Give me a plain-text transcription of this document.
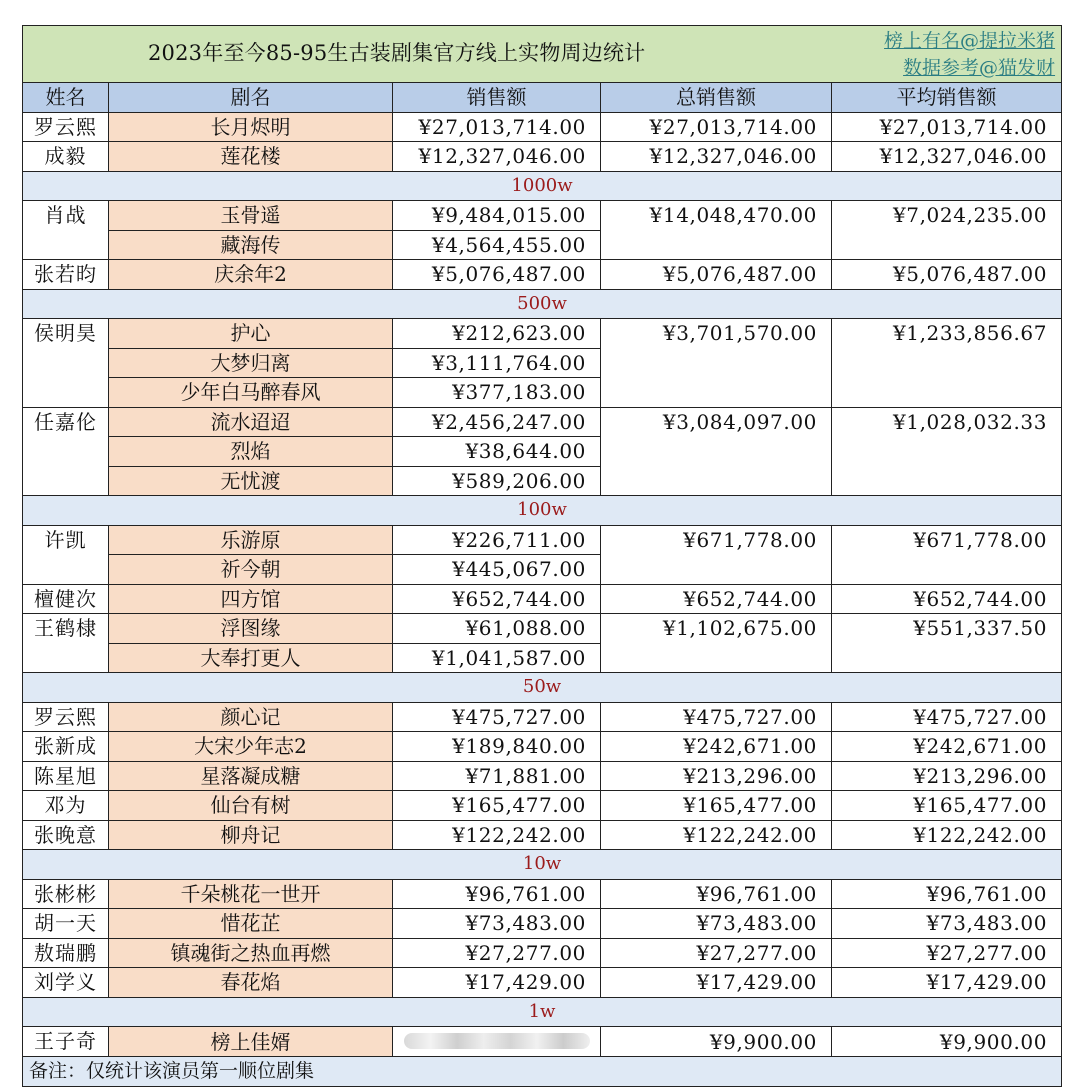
2023年至今85-95生古装剧集官方线上实物周边统计 榜上有名@提拉米猪
数据参考@猫发财				

姓名	剧名	销售额	总销售额	平均销售额
罗云熙	长月烬明	¥27,013,714.00	¥27,013,714.00	¥27,013,714.00
成毅	莲花楼	¥12,327,046.00	¥12,327,046.00	¥12,327,046.00
1000w				
肖战	玉骨遥	¥9,484,015.00	¥14,048,470.00	¥7,024,235.00
	藏海传	¥4,564,455.00		
张若昀	庆余年2	¥5,076,487.00	¥5,076,487.00	¥5,076,487.00
500w				
侯明昊	护心	¥212,623.00	¥3,701,570.00	¥1,233,856.67
	大梦归离	¥3,111,764.00		
	少年白马醉春风	¥377,183.00		
任嘉伦	流水迢迢	¥2,456,247.00	¥3,084,097.00	¥1,028,032.33
	烈焰	¥38,644.00		
	无忧渡	¥589,206.00		
100w				
许凯	乐游原	¥226,711.00	¥671,778.00	¥671,778.00
	祈今朝	¥445,067.00		
檀健次	四方馆	¥652,744.00	¥652,744.00	¥652,744.00
王鹤棣	浮图缘	¥61,088.00	¥1,102,675.00	¥551,337.50
	大奉打更人	¥1,041,587.00		
50w				
罗云熙	颜心记	¥475,727.00	¥475,727.00	¥475,727.00
张新成	大宋少年志2	¥189,840.00	¥242,671.00	¥242,671.00
陈星旭	星落凝成糖	¥71,881.00	¥213,296.00	¥213,296.00
邓为	仙台有树	¥165,477.00	¥165,477.00	¥165,477.00
张晚意	柳舟记	¥122,242.00	¥122,242.00	¥122,242.00
10w				
张彬彬	千朵桃花一世开	¥96,761.00	¥96,761.00	¥96,761.00
胡一天	惜花芷	¥73,483.00	¥73,483.00	¥73,483.00
敖瑞鹏	镇魂街之热血再燃	¥27,277.00	¥27,277.00	¥27,277.00
刘学义	春花焰	¥17,429.00	¥17,429.00	¥17,429.00
1w				
王子奇	榜上佳婿		¥9,900.00	¥9,900.00
备注：仅统计该演员第一顺位剧集				
